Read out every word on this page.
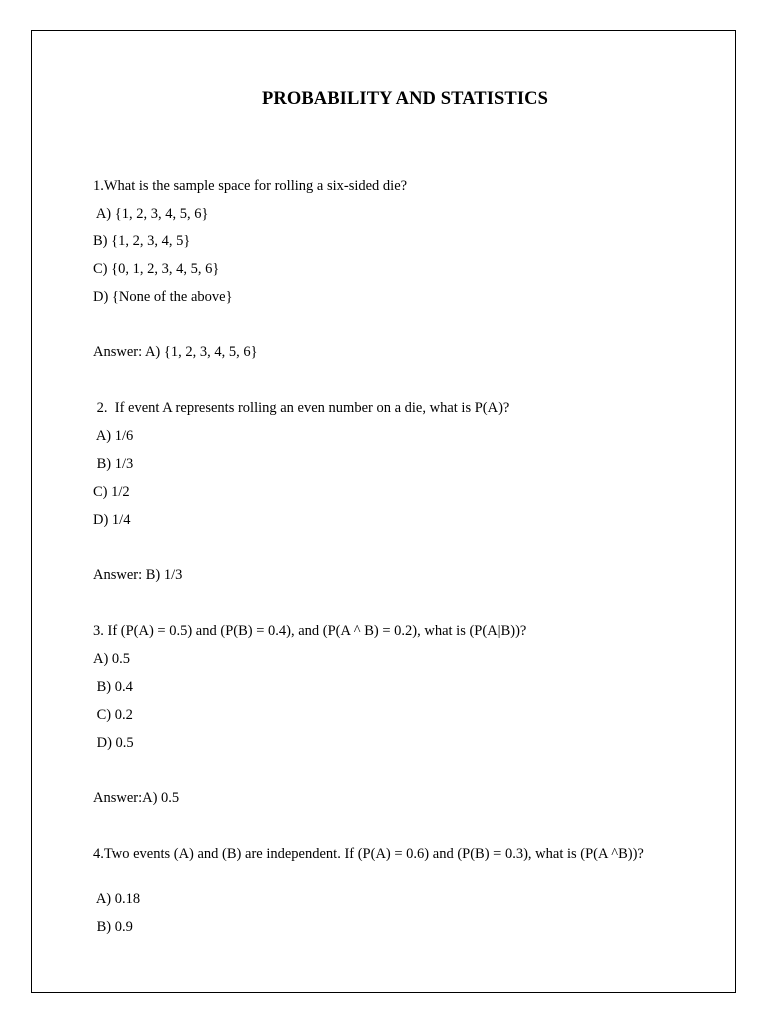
PROBABILITY AND STATISTICS

1.What is the sample space for rolling a six-sided die?

A) {1, 2, 3, 4, 5, 6}

B) {1, 2, 3, 4, 5}

C) {0, 1, 2, 3, 4, 5, 6}

D) {None of the above}

Answer: A) {1, 2, 3, 4, 5, 6}

2.  If event A represents rolling an even number on a die, what is P(A)?

A) 1/6

B) 1/3

C) 1/2

D) 1/4

Answer: B) 1/3

3. If (P(A) = 0.5) and (P(B) = 0.4), and (P(A ^ B) = 0.2), what is (P(A|B))?

A) 0.5

B) 0.4

C) 0.2

D) 0.5

Answer:A) 0.5

4.Two events (A) and (B) are independent. If (P(A) = 0.6) and (P(B) = 0.3), what is (P(A ^B))?

A) 0.18

B) 0.9
